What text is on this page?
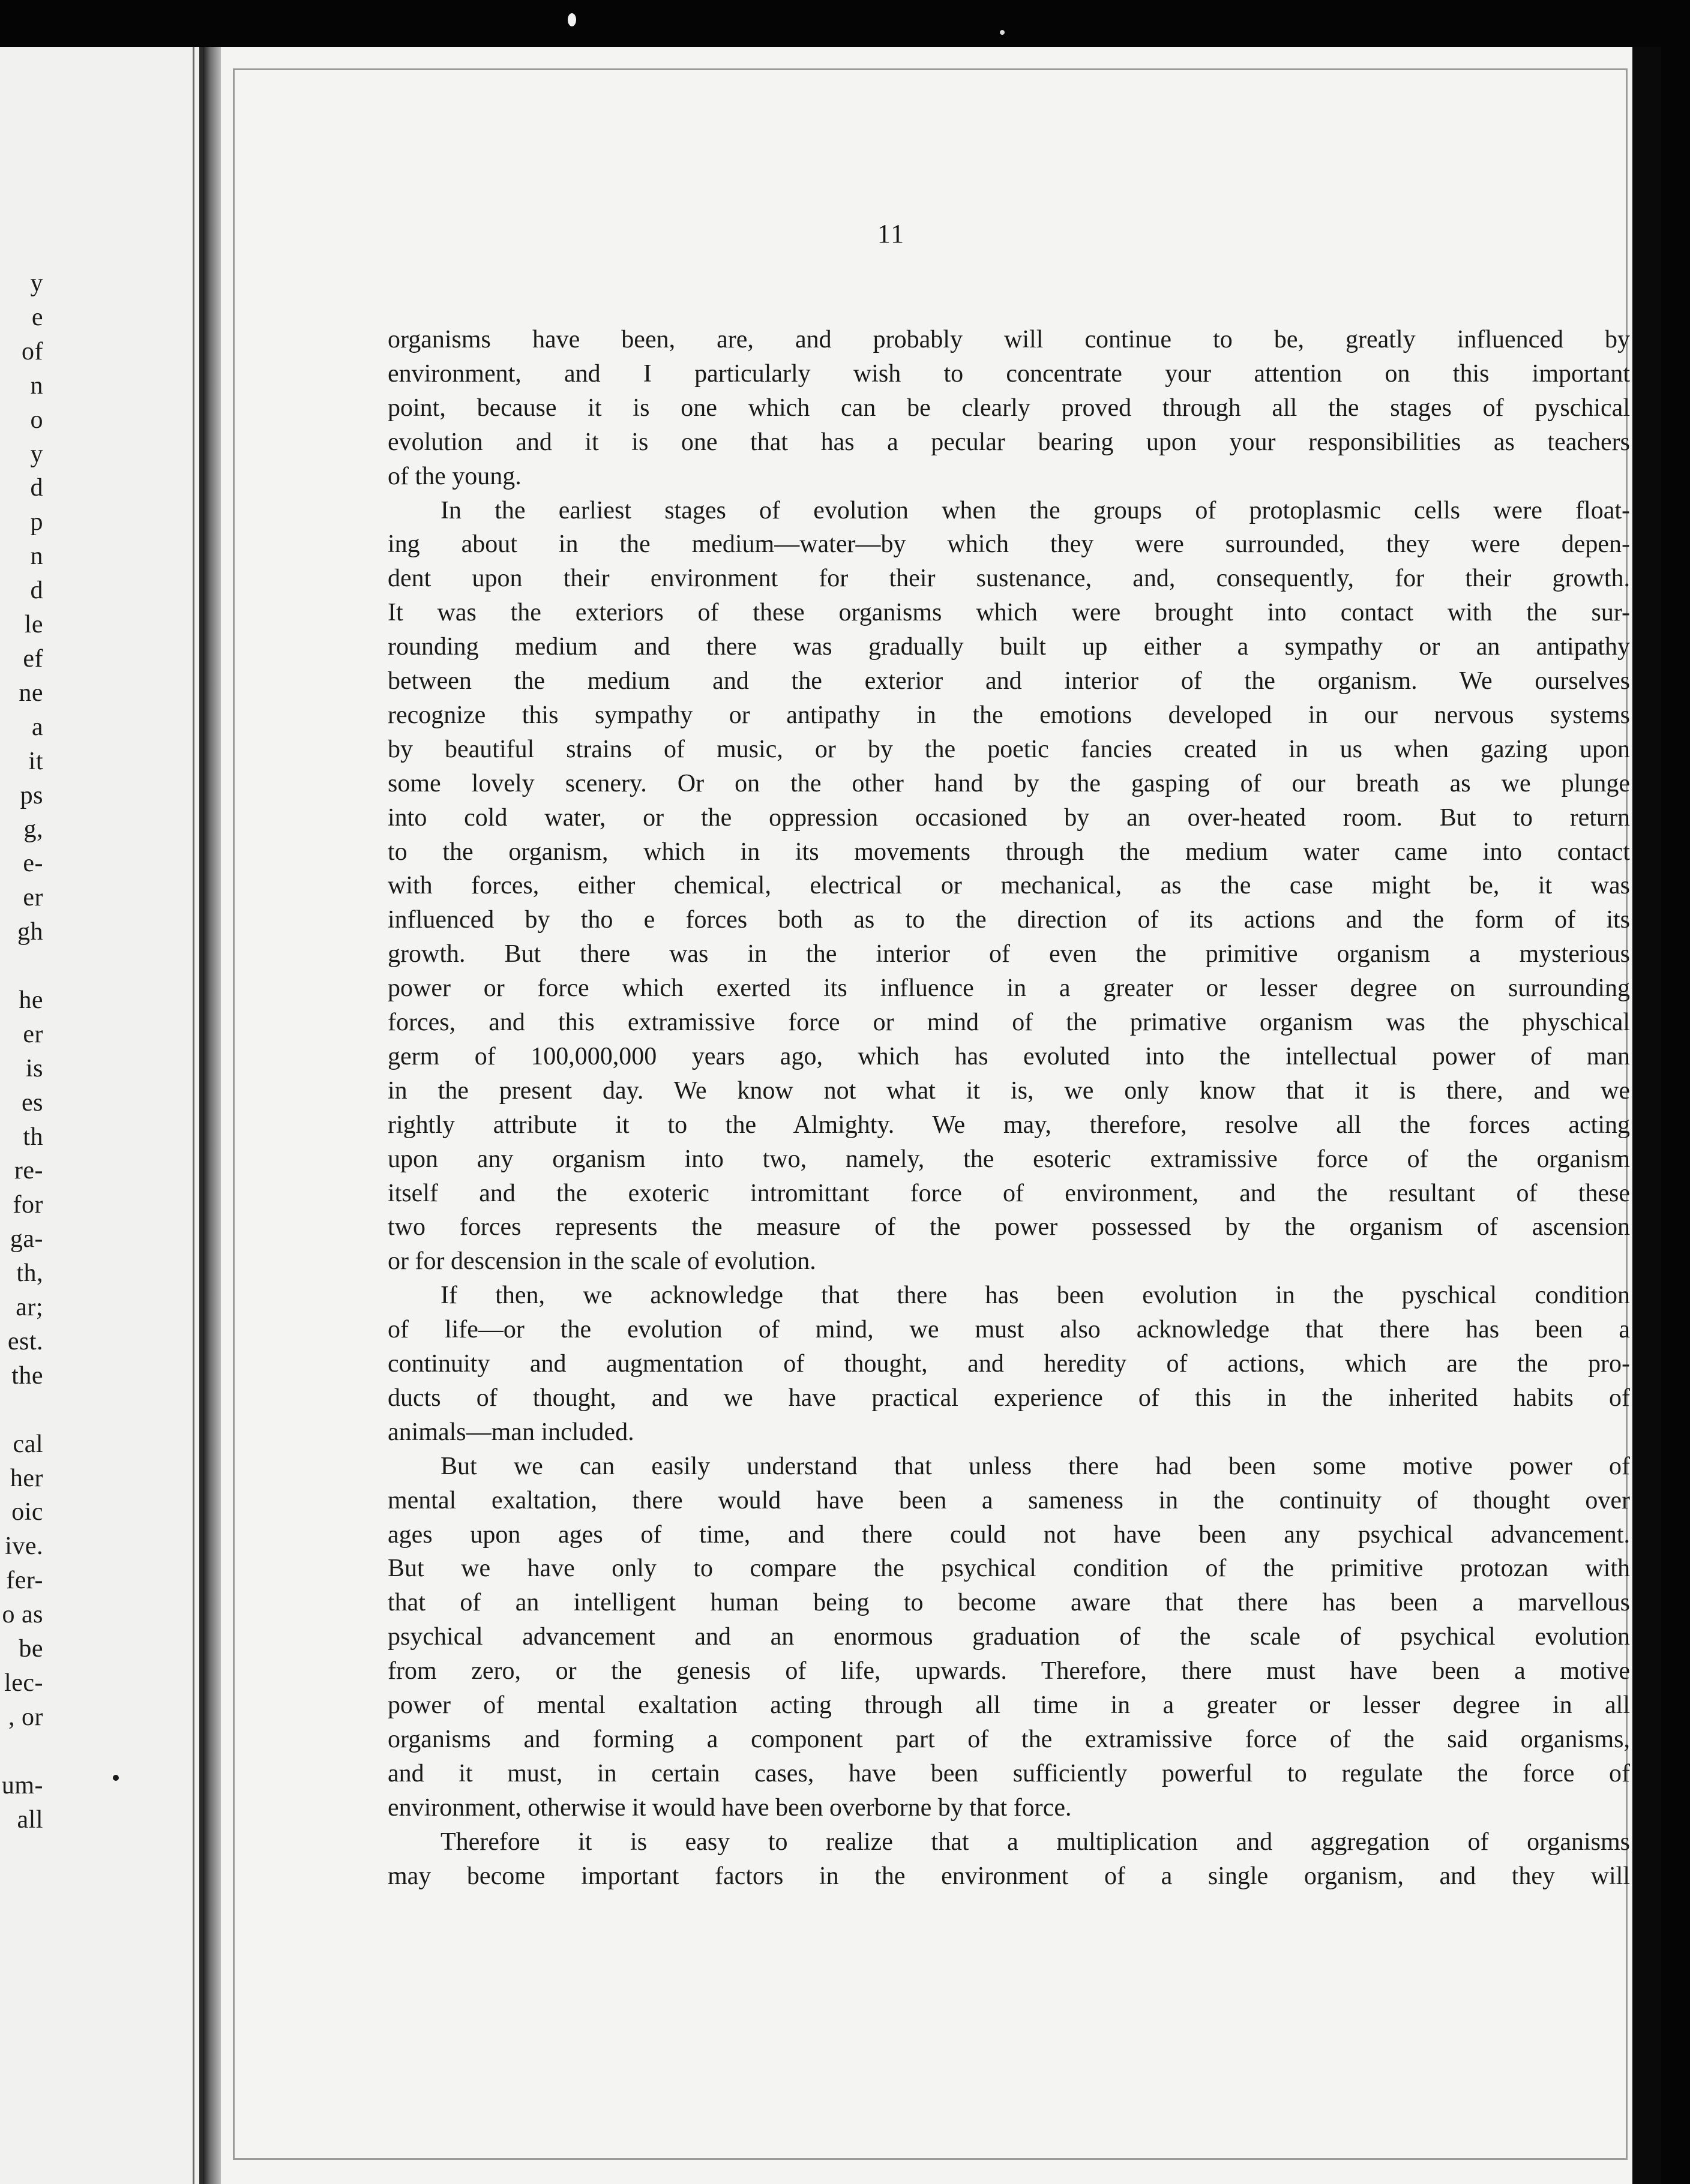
y
e
of
n
o
y
d
p
n
d
le
ef
ne
a
it
ps
g,
e-
er
gh
he
er
is
es
th
re-
for
ga-
th,
ar;
est.
the
cal
her
oic
ive.
fer-
o as
be
lec-
, or
um-
all
11
organisms have been, are, and probably will continue to be, greatly influenced by
environment, and I particularly wish to concentrate your attention on this important
point, because it is one which can be clearly proved through all the stages of pyschical
evolution and it is one that has a pecular bearing upon your responsibilities as teachers
of the young.
In the earliest stages of evolution when the groups of protoplasmic cells were float-
ing about in the medium—water—by which they were surrounded, they were depen-
dent upon their environment for their sustenance, and, consequently, for their growth.
It was the exteriors of these organisms which were brought into contact with the sur-
rounding medium and there was gradually built up either a sympathy or an antipathy
between the medium and the exterior and interior of the organism. We ourselves
recognize this sympathy or antipathy in the emotions developed in our nervous systems
by beautiful strains of music, or by the poetic fancies created in us when gazing upon
some lovely scenery. Or on the other hand by the gasping of our breath as we plunge
into cold water, or the oppression occasioned by an over-heated room. But to return
to the organism, which in its movements through the medium water came into contact
with forces, either chemical, electrical or mechanical, as the case might be, it was
influenced by tho e forces both as to the direction of its actions and the form of its
growth. But there was in the interior of even the primitive organism a mysterious
power or force which exerted its influence in a greater or lesser degree on surrounding
forces, and this extramissive force or mind of the primative organism was the physchical
germ of 100,000,000 years ago, which has evoluted into the intellectual power of man
in the present day. We know not what it is, we only know that it is there, and we
rightly attribute it to the Almighty. We may, therefore, resolve all the forces acting
upon any organism into two, namely, the esoteric extramissive force of the organism
itself and the exoteric intromittant force of environment, and the resultant of these
two forces represents the measure of the power possessed by the organism of ascension
or for descension in the scale of evolution.
If then, we acknowledge that there has been evolution in the pyschical condition
of life—or the evolution of mind, we must also acknowledge that there has been a
continuity and augmentation of thought, and heredity of actions, which are the pro-
ducts of thought, and we have practical experience of this in the inherited habits of
animals—man included.
But we can easily understand that unless there had been some motive power of
mental exaltation, there would have been a sameness in the continuity of thought over
ages upon ages of time, and there could not have been any psychical advancement.
But we have only to compare the psychical condition of the primitive protozan with
that of an intelligent human being to become aware that there has been a marvellous
psychical advancement and an enormous graduation of the scale of psychical evolution
from zero, or the genesis of life, upwards. Therefore, there must have been a motive
power of mental exaltation acting through all time in a greater or lesser degree in all
organisms and forming a component part of the extramissive force of the said organisms,
and it must, in certain cases, have been sufficiently powerful to regulate the force of
environment, otherwise it would have been overborne by that force.
Therefore it is easy to realize that a multiplication and aggregation of organisms
may become important factors in the environment of a single organism, and they will
